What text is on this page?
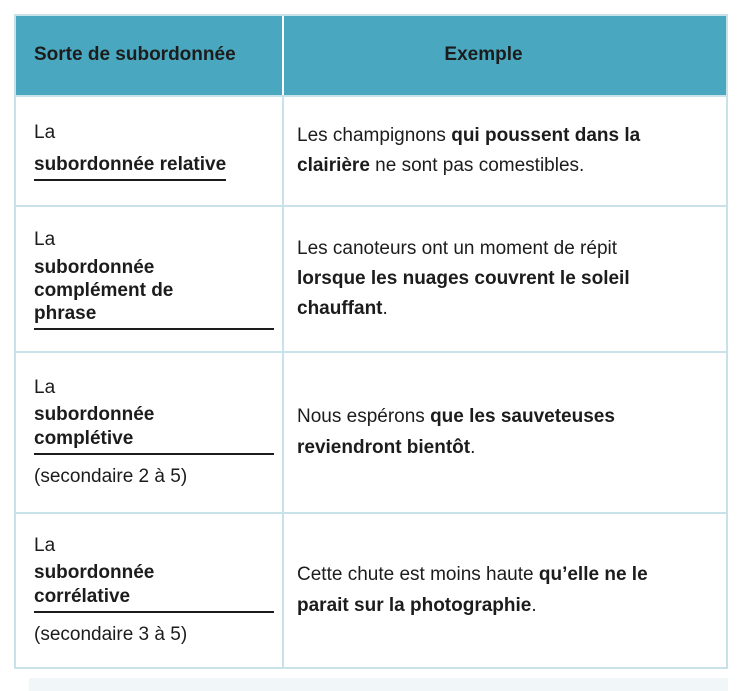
Sorte de subordonnée	Exemple
La
subordonnée relative

Les champignons qui poussent dans la clairière ne sont pas comestibles.

La
subordonnée complément de phrase

Les canoteurs ont un moment de répit lorsque les nuages couvrent le soleil chauffant.

La
subordonnée complétive
(secondaire 2 à 5)

Nous espérons que les sauveteuses reviendront bientôt.

La
subordonnée corrélative
(secondaire 3 à 5)

Cette chute est moins haute qu’elle ne le parait sur la photographie.
